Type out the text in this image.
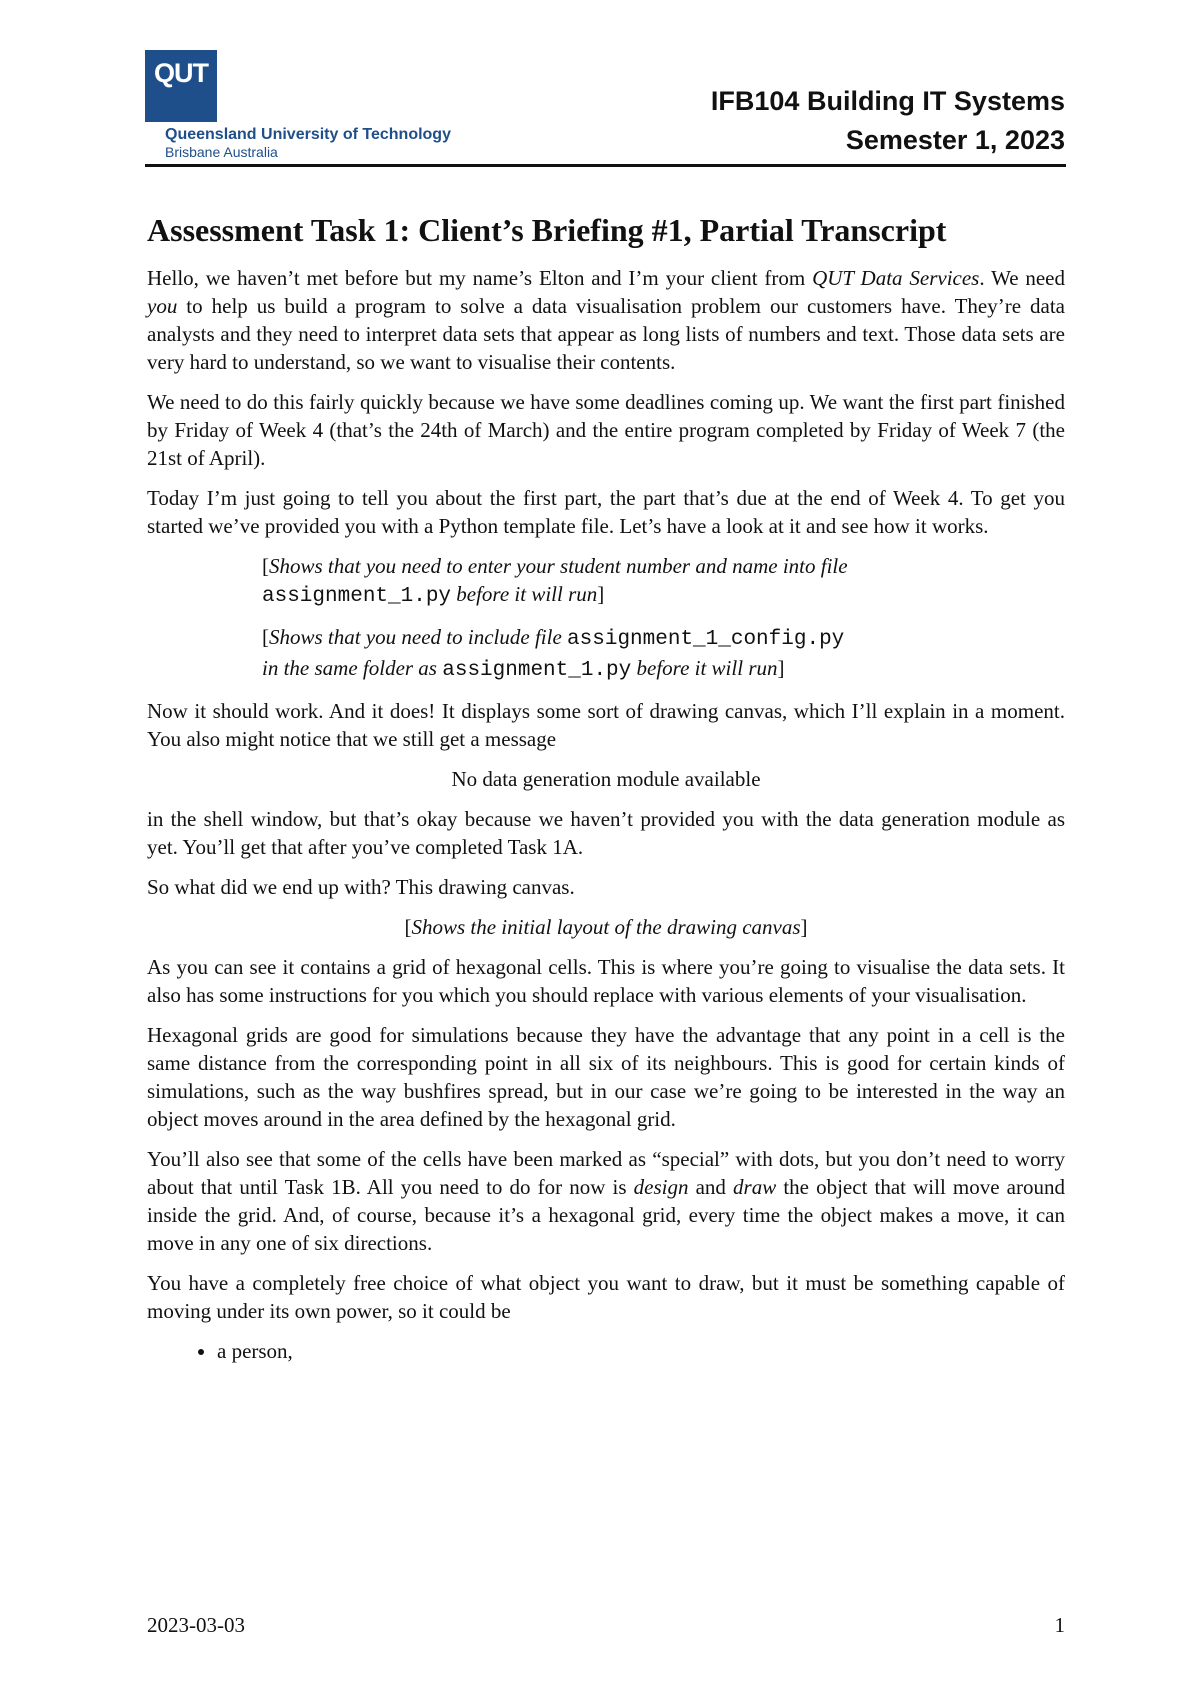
QUT
Queensland University of Technology
Brisbane Australia
IFB104 Building IT Systems
Semester 1, 2023
Assessment Task 1: Client’s Briefing #1, Partial Transcript

Hello, we haven’t met before but my name’s Elton and I’m your client from QUT Data Services. We need you to help us build a program to solve a data visualisation problem our customers have. They’re data analysts and they need to interpret data sets that appear as long lists of numbers and text. Those data sets are very hard to understand, so we want to visualise their contents.

We need to do this fairly quickly because we have some deadlines coming up. We want the first part finished by Friday of Week 4 (that’s the 24th of March) and the entire program completed by Friday of Week 7 (the 21st of April).

Today I’m just going to tell you about the first part, the part that’s due at the end of Week 4. To get you started we’ve provided you with a Python template file. Let’s have a look at it and see how it works.

[Shows that you need to enter your student number and name into file
assignment_1.py before it will run]

[Shows that you need to include file assignment_1_config.py
in the same folder as assignment_1.py before it will run]

Now it should work. And it does! It displays some sort of drawing canvas, which I’ll explain in a moment. You also might notice that we still get a message

No data generation module available

in the shell window, but that’s okay because we haven’t provided you with the data generation module as yet. You’ll get that after you’ve completed Task 1A.

So what did we end up with? This drawing canvas.

[Shows the initial layout of the drawing canvas]

As you can see it contains a grid of hexagonal cells. This is where you’re going to visualise the data sets. It also has some instructions for you which you should replace with various elements of your visualisation.

Hexagonal grids are good for simulations because they have the advantage that any point in a cell is the same distance from the corresponding point in all six of its neighbours. This is good for certain kinds of simulations, such as the way bushfires spread, but in our case we’re going to be interested in the way an object moves around in the area defined by the hexagonal grid.

You’ll also see that some of the cells have been marked as “special” with dots, but you don’t need to worry about that until Task 1B. All you need to do for now is design and draw the object that will move around inside the grid. And, of course, because it’s a hexagonal grid, every time the object makes a move, it can move in any one of six directions.

You have a completely free choice of what object you want to draw, but it must be something capable of moving under its own power, so it could be

• a person,
2023-03-03	1
